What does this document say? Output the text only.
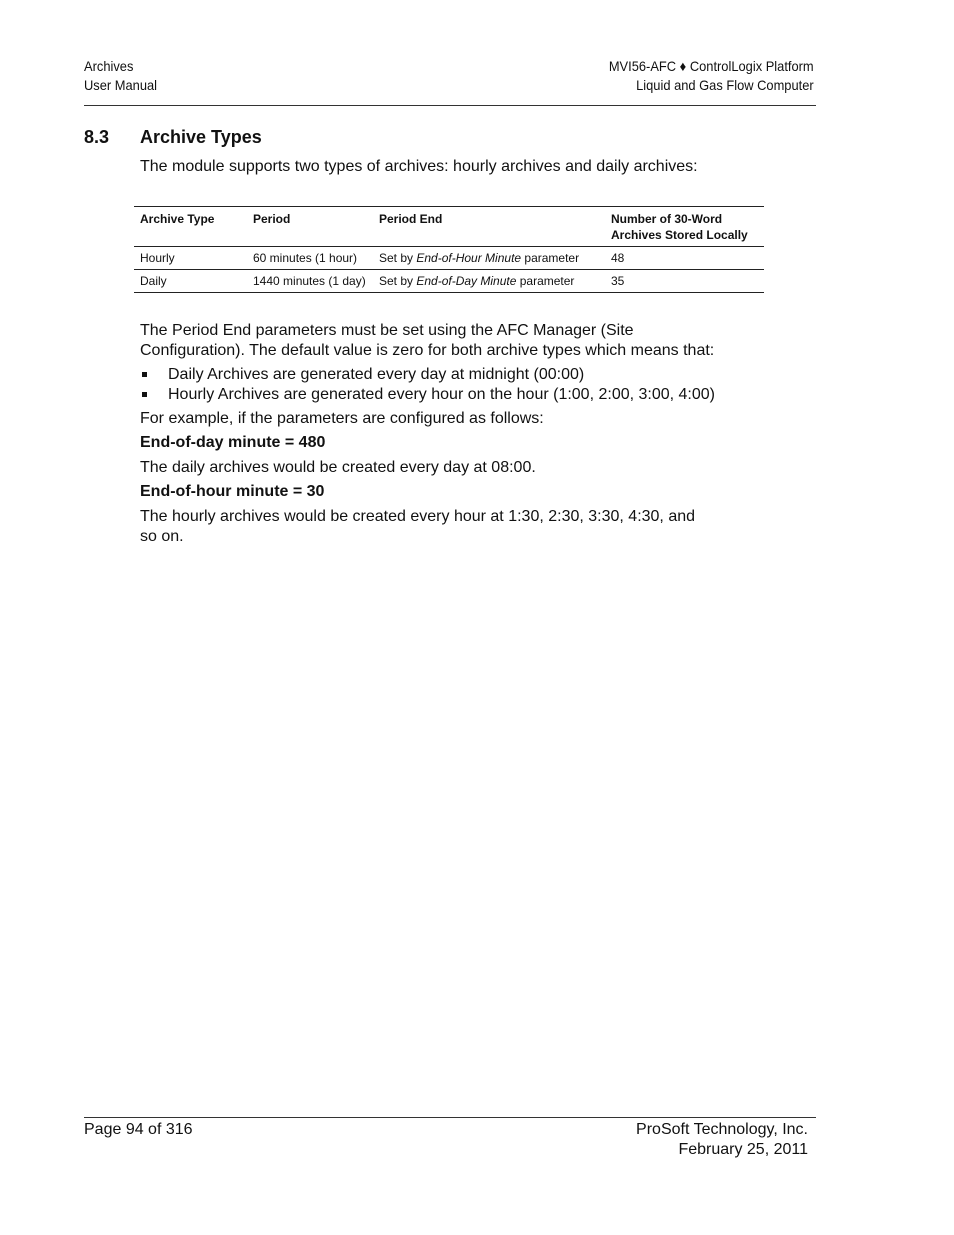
Archives
User Manual
MVI56-AFC ♦ ControlLogix Platform
Liquid and Gas Flow Computer
8.3 Archive Types
The module supports two types of archives: hourly archives and daily archives:
Archive Type	Period	Period End	Number of 30-Word
Archives Stored Locally
Hourly	60 minutes (1 hour)	Set by End-of-Hour Minute parameter	48
Daily	1440 minutes (1 day)	Set by End-of-Day Minute parameter	35
The Period End parameters must be set using the AFC Manager (Site
Configuration). The default value is zero for both archive types which means that:
Daily Archives are generated every day at midnight (00:00)
Hourly Archives are generated every hour on the hour (1:00, 2:00, 3:00, 4:00)
For example, if the parameters are configured as follows:
End-of-day minute = 480
The daily archives would be created every day at 08:00.
End-of-hour minute = 30
The hourly archives would be created every hour at 1:30, 2:30, 3:30, 4:30, and
so on.
Page 94 of 316	ProSoft Technology, Inc.
February 25, 2011
